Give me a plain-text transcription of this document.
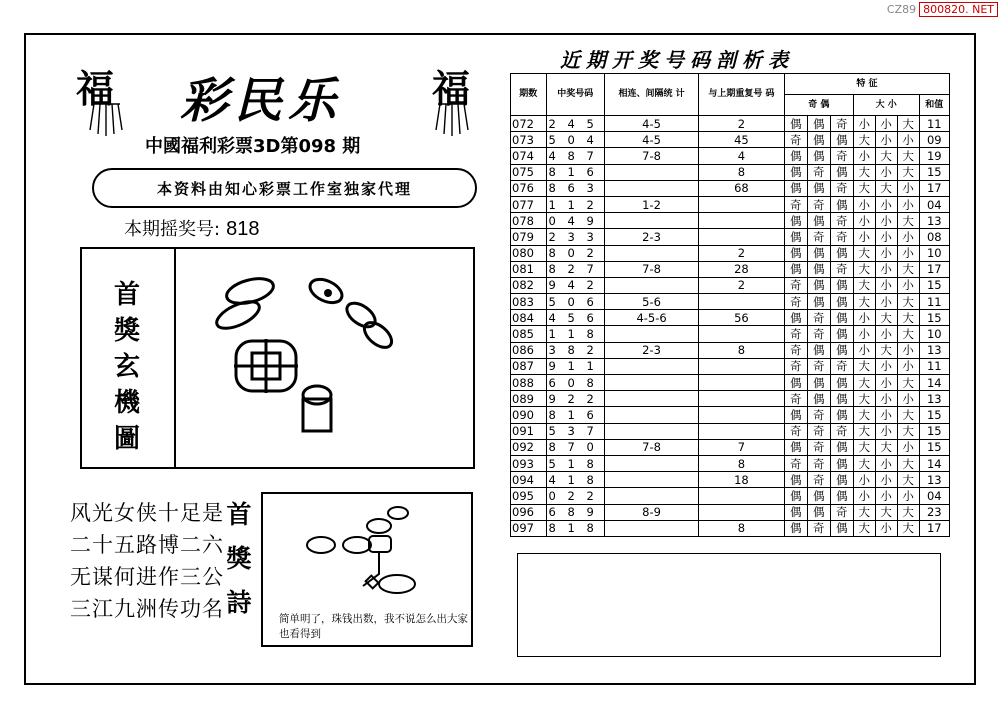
CZ89 800820. NET
福	福
彩民乐
中國福利彩票3D第098 期
本资料由知心彩票工作室独家代理
本期摇奖号: 818
首
獎
玄
機
圖
风光女侠十足是
二十五路博二六
无谋何进作三公
三江九洲传功名
首
獎
詩
简单明了，珠钱出数，我不说怎么出大家也看得到
近期开奖号码剖析表
期数	中奖号码	相连、间隔统 计	与上期重复号 码	特 征						
				奇 偶			大 小			和值
072	2 4 5	4-5	2	偶	偶	奇	小	小	大	11
073	5 0 4	4-5	45	奇	偶	偶	大	小	小	09
074	4 8 7	7-8	4	偶	偶	奇	小	大	大	19
075	8 1 6		8	偶	奇	偶	大	小	大	15
076	8 6 3		68	偶	偶	奇	大	大	小	17
077	1 1 2	1-2		奇	奇	偶	小	小	小	04
078	0 4 9			偶	偶	奇	小	小	大	13
079	2 3 3	2-3		偶	奇	奇	小	小	小	08
080	8 0 2		2	偶	偶	偶	大	小	小	10
081	8 2 7	7-8	28	偶	偶	奇	大	小	大	17
082	9 4 2		2	奇	偶	偶	大	小	小	15
083	5 0 6	5-6		奇	偶	偶	大	小	大	11
084	4 5 6	4-5-6	56	偶	奇	偶	小	大	大	15
085	1 1 8			奇	奇	偶	小	小	大	10
086	3 8 2	2-3	8	奇	偶	偶	小	大	小	13
087	9 1 1			奇	奇	奇	大	小	小	11
088	6 0 8			偶	偶	偶	大	小	大	14
089	9 2 2			奇	偶	偶	大	小	小	13
090	8 1 6			偶	奇	偶	大	小	大	15
091	5 3 7			奇	奇	奇	大	小	大	15
092	8 7 0	7-8	7	偶	奇	偶	大	大	小	15
093	5 1 8		8	奇	奇	偶	大	小	大	14
094	4 1 8		18	偶	奇	偶	小	小	大	13
095	0 2 2			偶	偶	偶	小	小	小	04
096	6 8 9	8-9		偶	偶	奇	大	大	大	23
097	8 1 8		8	偶	奇	偶	大	小	大	17
